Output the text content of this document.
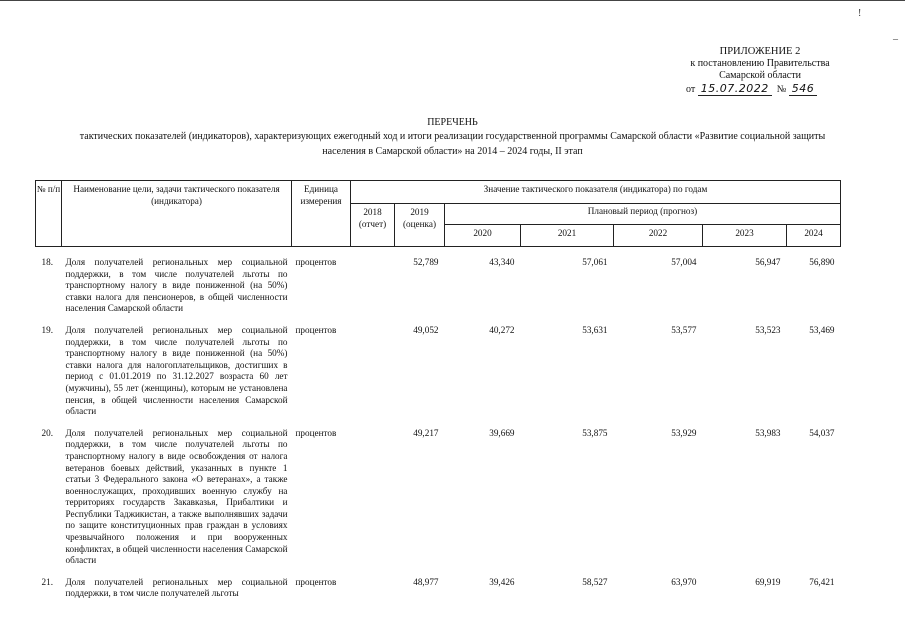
!
–
ПРИЛОЖЕНИЕ 2
к постановлению Правительства
Самарской области
от 15.07.2022 № 546
ПЕРЕЧЕНЬ
тактических показателей (индикаторов), характеризующих ежегодный ход и итоги реализации государственной программы Самарской области «Развитие социальной защиты
населения в Самарской области» на 2014 – 2024 годы, II этап
№ п/п	Наименование цели, задачи тактического показателя (индикатора)	Единица измерения	Значение тактического показателя (индикатора) по годам						
			2018 (отчет)	2019 (оценка)	Плановый период (прогноз)				
					2020	2021	2022	2023	2024

18.	Доля получателей региональных мер социальной поддержки, в том числе получателей льготы по транспортному налогу в виде пониженной (на 50%) ставки налога для пенсионеров, в общей численности населения Самарской области	процентов		52,789	43,340	57,061	57,004	56,947	56,890

19.	Доля получателей региональных мер социальной поддержки, в том числе получателей льготы по транспортному налогу в виде пониженной (на 50%) ставки налога для налогоплательщиков, достигших в период с 01.01.2019 по 31.12.2027 возраста 60 лет (мужчины), 55 лет (женщины), которым не установлена пенсия, в общей численности населения Самарской области	процентов		49,052	40,272	53,631	53,577	53,523	53,469

20.	Доля получателей региональных мер социальной поддержки, в том числе получателей льготы по транспортному налогу в виде освобождения от налога ветеранов боевых действий, указанных в пункте 1 статьи 3 Федерального закона «О ветеранах», а также военнослужащих, проходивших военную службу на территориях государств Закавказья, Прибалтики и Республики Таджикистан, а также выполнявших задачи по защите конституционных прав граждан в условиях чрезвычайного положения и при вооруженных конфликтах, в общей численности населения Самарской области	процентов		49,217	39,669	53,875	53,929	53,983	54,037

21.	Доля получателей региональных мер социальной поддержки, в том числе получателей льготы	процентов		48,977	39,426	58,527	63,970	69,919	76,421
